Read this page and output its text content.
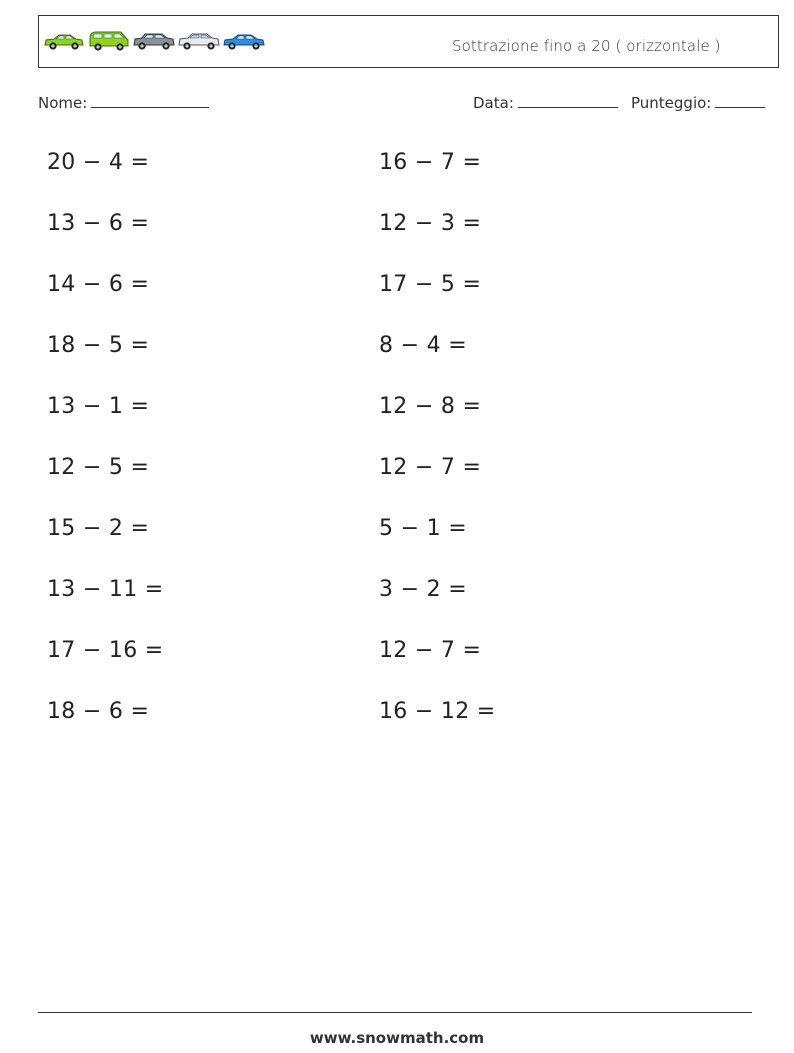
Sottrazione fino a 20 ( orizzontale )
Nome:	Data:	Punteggio:
20 − 4 =	16 − 7 =
13 − 6 =	12 − 3 =
14 − 6 =	17 − 5 =
18 − 5 =	8 − 4 =
13 − 1 =	12 − 8 =
12 − 5 =	12 − 7 =
15 − 2 =	5 − 1 =
13 − 11 =	3 − 2 =
17 − 16 =	12 − 7 =
18 − 6 =	16 − 12 =
www.snowmath.com
